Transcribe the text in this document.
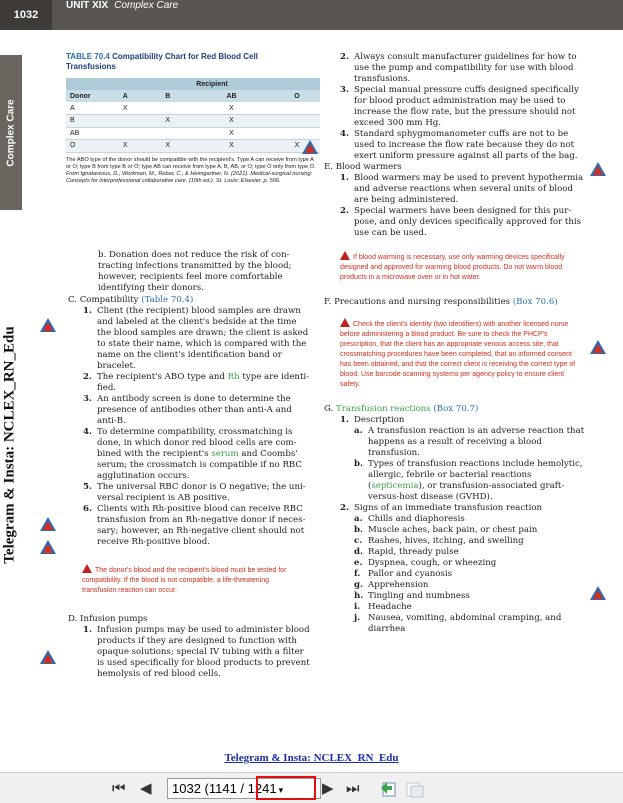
1032
UNIT XIX Complex Care
Complex Care
Telegram & Insta: NCLEX_RN_Edu
TABLE 70.4 Compatibility Chart for Red Blood Cell
Transfusions
	Recipient			
Donor	A	B	AB	O
A	X		X	
B		X	X	
AB			X	
O	X	X	X	X
The ABO type of the donor should be compatible with the recipient's. Type A can receive from type A or O; type B from type B or O; type AB can receive from type A, B, AB, or O; type O only from type O.
From Ignatavicius, D., Workman, M., Rebar, C., & Heimgartner, N. (2021). Medical-surgical nursing: Concepts for interprofessional collaborative care. (10th ed.). St. Louis: Elsevier. p. 506.
b. Donation does not reduce the risk of contracting infections transmitted by the blood; however, recipients feel more comfortable identifying their donors.
C. Compatibility (Table 70.4)
1. Client (the recipient) blood samples are drawn and labeled at the client's bedside at the time the blood samples are drawn; the client is asked to state their name, which is compared with the name on the client's identification band or bracelet.
2. The recipient's ABO type and Rh type are identified.
3. An antibody screen is done to determine the presence of antibodies other than anti-A and anti-B.
4. To determine compatibility, crossmatching is done, in which donor red blood cells are combined with the recipient's serum and Coombs' serum; the crossmatch is compatible if no RBC agglutination occurs.
5. The universal RBC donor is O negative; the universal recipient is AB positive.
6. Clients with Rh-positive blood can receive RBC transfusion from an Rh-negative donor if necessary; however, an Rh-negative client should not receive Rh-positive blood.
The donor's blood and the recipient's blood must be tested for compatibility. If the blood is not compatible, a life-threatening transfusion reaction can occur.
D. Infusion pumps
1. Infusion pumps may be used to administer blood products if they are designed to function with opaque solutions; special IV tubing with a filter is used specifically for blood products to prevent hemolysis of red blood cells.
2. Always consult manufacturer guidelines for how to use the pump and compatibility for use with blood transfusions.
3. Special manual pressure cuffs designed specifically for blood product administration may be used to increase the flow rate, but the pressure should not exceed 300 mm Hg.
4. Standard sphygmomanometer cuffs are not to be used to increase the flow rate because they do not exert uniform pressure against all parts of the bag.
E. Blood warmers
1. Blood warmers may be used to prevent hypothermia and adverse reactions when several units of blood are being administered.
2. Special warmers have been designed for this purpose, and only devices specifically approved for this use can be used.
If blood warming is necessary, use only warming devices specifically designed and approved for warming blood products. Do not warm blood products in a microwave oven or in hot water.
F. Precautions and nursing responsibilities (Box 70.6)
Check the client's identity (two identifiers) with another licensed nurse before administering a blood product. Be sure to check the PHCP's prescription, that the client has an appropriate venous access site, that crossmatching procedures have been completed, that an informed consent has been obtained, and that the correct client is receiving the correct type of blood. Use barcode scanning systems per agency policy to ensure client safety.
G. Transfusion reactions (Box 70.7)
1. Description
a. A transfusion reaction is an adverse reaction that happens as a result of receiving a blood transfusion.
b. Types of transfusion reactions include hemolytic, allergic, febrile or bacterial reactions (septicemia), or transfusion-associated graft-versus-host disease (GVHD).
2. Signs of an immediate transfusion reaction
a. Chills and diaphoresis
b. Muscle aches, back pain, or chest pain
c. Rashes, hives, itching, and swelling
d. Rapid, thready pulse
e. Dyspnea, cough, or wheezing
f. Pallor and cyanosis
g. Apprehension
h. Tingling and numbness
i. Headache
j. Nausea, vomiting, abdominal cramping, and diarrhea
Telegram & Insta: NCLEX_RN_Edu
⏮ ◀	1032 (1141 / 1241 ▾	▶ ⏭
